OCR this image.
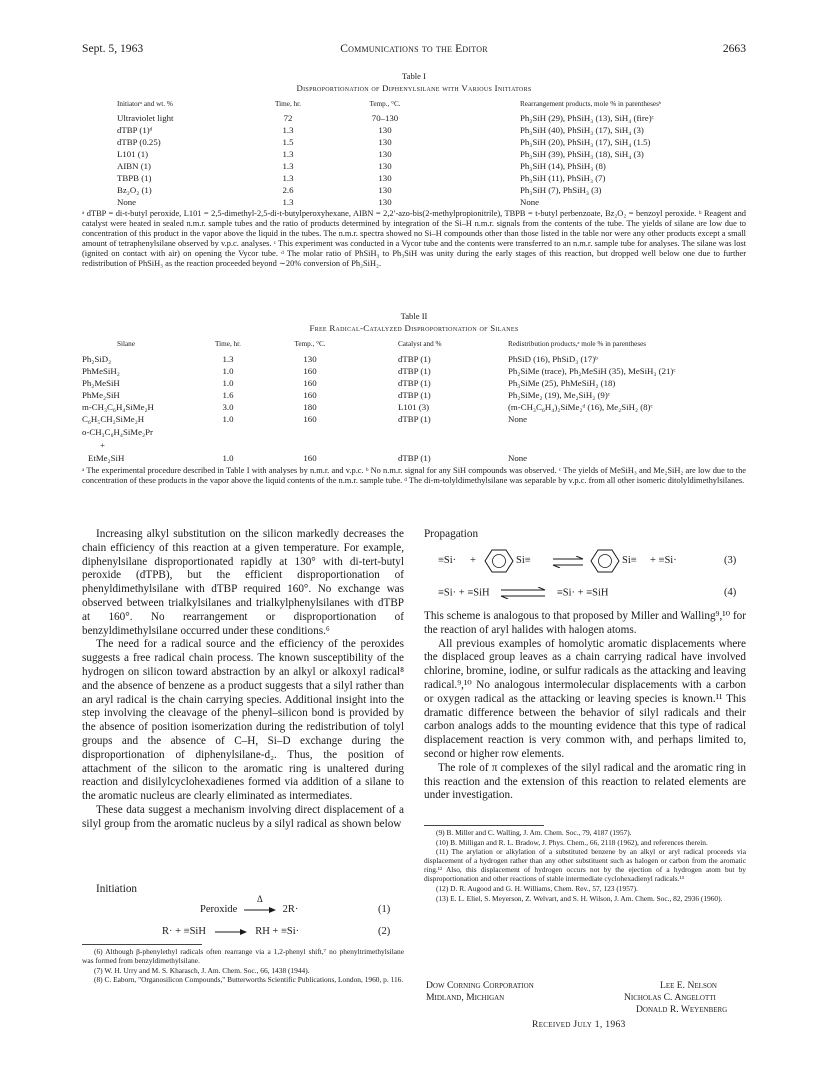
Sept. 5, 1963	Communications to the Editor	2663
Table I
Disproportionation of Diphenylsilane with Various Initiators
Initiatorᵃ and wt. %	Time, hr.	Temp., °C.	Rearrangement products, mole % in parenthesesᵇ
Ultraviolet light	72	70–130	Ph₂SiH (29), PhSiH₃ (13), SiH₄ (fire)ᶜ
dTBP (1)ᵈ	1.3	130	Ph₃SiH (40), PhSiH₃ (17), SiH₄ (3)
dTBP (0.25)	1.5	130	Ph₃SiH (20), PhSiH₃ (17), SiH₄ (1.5)
L101 (1)	1.3	130	Ph₃SiH (39), PhSiH₃ (18), SiH₄ (3)
AIBN (1)	1.3	130	Ph₃SiH (14), PhSiH₃ (8)
TBPB (1)	1.3	130	Ph₃SiH (11), PhSiH₃ (7)
Bz₂O₂ (1)	2.6	130	Ph₃SiH (7), PhSiH₃ (3)
None	1.3	130	None
ᵃ dTBP = di-t-butyl peroxide, L101 = 2,5-dimethyl-2,5-di-t-butylperoxyhexane, AIBN = 2,2′-azo-bis(2-methylpropionitrile), TBPB = t-butyl perbenzoate, Bz₂O₂ = benzoyl peroxide. ᵇ Reagent and catalyst were heated in sealed n.m.r. sample tubes and the ratio of products determined by integration of the Si–H n.m.r. signals from the contents of the tube. The yields of silane are low due to concentration of this product in the vapor above the liquid in the tubes. The n.m.r. spectra showed no Si–H compounds other than those listed in the table nor were any other products except a small amount of tetraphenylsilane observed by v.p.c. analyses. ᶜ This experiment was conducted in a Vycor tube and the contents were transferred to an n.m.r. sample tube for analyses. The silane was lost (ignited on contact with air) on opening the Vycor tube. ᵈ The molar ratio of PhSiH₃ to Ph₃SiH was unity during the early stages of this reaction, but dropped well below one due to further redistribution of PhSiH₃ as the reaction proceeded beyond ∼20% conversion of Ph₂SiH₂.
Table II
Free Radical-Catalyzed Disproportionation of Silanes
Silane	Time, hr.	Temp., °C.	Catalyst and %	Redistribution products,ᵃ mole % in parentheses
Ph₂SiD₂	1.3	130	dTBP (1)	PhSiD (16), PhSiD₃ (17)ᵇ
PhMeSiH₂	1.0	160	dTBP (1)	Ph₂SiMe (trace), Ph₂MeSiH (35), MeSiH₃ (21)ᶜ
Ph₂MeSiH	1.0	160	dTBP (1)	Ph₃SiMe (25), PhMeSiH₂ (18)
PhMe₂SiH	1.6	160	dTBP (1)	Ph₂SiMe₂ (19), Me₂SiH₂ (9)ᶜ
m-CH₃C₆H₄SiMe₂H	3.0	180	L101 (3)	(m-CH₃C₆H₄)₂SiMe₂ᵈ (16), Me₂SiH₂ (8)ᶜ
C₆H₅CH₂SiMe₂H	1.0	160	dTBP (1)	None
o-CH₃C₆H₄SiMe₂Pr
+
EtMe₂SiH	1.0	160	dTBP (1)	None
ᵃ The experimental procedure described in Table I with analyses by n.m.r. and v.p.c. ᵇ No n.m.r. signal for any SiH compounds was observed. ᶜ The yields of MeSiH₃ and Me₂SiH₂ are low due to the concentration of these products in the vapor above the liquid contents of the n.m.r. sample tube. ᵈ The di-m-tolyldimethylsilane was separable by v.p.c. from all other isomeric ditolyldimethylsilanes.

Increasing alkyl substitution on the silicon markedly decreases the chain efficiency of this reaction at a given temperature. For example, diphenylsilane disproportionated rapidly at 130° with di-tert-butyl peroxide (dTPB), but the efficient disproportionation of phenyldimethylsilane with dTBP required 160°. No exchange was observed between trialkylsilanes and trialkylphenylsilanes with dTBP at 160°. No rearrangement or disproportionation of benzyldimethylsilane occurred under these conditions.⁶

The need for a radical source and the efficiency of the peroxides suggests a free radical chain process. The known susceptibility of the hydrogen on silicon toward abstraction by an alkyl or alkoxyl radical⁸ and the absence of benzene as a product suggests that a silyl rather than an aryl radical is the chain carrying species. Additional insight into the step involving the cleavage of the phenyl–silicon bond is provided by the absence of position isomerization during the redistribution of tolyl groups and the absence of C–H, Si–D exchange during the disproportionation of diphenylsilane-d₂. Thus, the position of attachment of the silicon to the aromatic ring is unaltered during reaction and disilylcyclohexadienes formed via addition of a silane to the aromatic nucleus are clearly eliminated as intermediates.

These data suggest a mechanism involving direct displacement of a silyl group from the aromatic nucleus by a silyl radical as shown below

Initiation
Peroxide
Δ
2R·	(1)
R· + ≡SiH	RH + ≡Si·	(2)

(6) Although β-phenylethyl radicals often rearrange via a 1,2-phenyl shift,⁷ no phenyltrimethylsilane was formed from benzyldimethylsilane.

(7) W. H. Urry and M. S. Kharasch, J. Am. Chem. Soc., 66, 1438 (1944).

(8) C. Eaborn, "Organosilicon Compounds," Butterworths Scientific Publications, London, 1960, p. 116.

Propagation
≡Si· +	Si≡	Si≡ + ≡Si·	(3)
≡Si· + ≡SiH	≡Si· + ≡SiH	(4)

This scheme is analogous to that proposed by Miller and Walling⁹,¹⁰ for the reaction of aryl halides with halogen atoms.

All previous examples of homolytic aromatic displacements where the displaced group leaves as a chain carrying radical have involved chlorine, bromine, iodine, or sulfur radicals as the attacking and leaving radical.⁹,¹⁰ No analogous intermolecular displacements with a carbon or oxygen radical as the attacking or leaving species is known.¹¹ This dramatic difference between the behavior of silyl radicals and their carbon analogs adds to the mounting evidence that this type of radical displacement reaction is very common with, and perhaps limited to, second or higher row elements.

The role of π complexes of the silyl radical and the aromatic ring in this reaction and the extension of this reaction to related elements are under investigation.

(9) B. Miller and C. Walling, J. Am. Chem. Soc., 79, 4187 (1957).

(10) B. Milligan and R. L. Bradow, J. Phys. Chem., 66, 2118 (1962), and references therein.

(11) The arylation or alkylation of a substituted benzene by an alkyl or aryl radical proceeds via displacement of a hydrogen rather than any other substituent such as halogen or carbon from the aromatic ring.¹² Also, this displacement of hydrogen occurs not by the ejection of a hydrogen atom but by disproportionation and other reactions of stable intermediate cyclohexadienyl radicals.¹³

(12) D. R. Augood and G. H. Williams, Chem. Rev., 57, 123 (1957).

(13) E. L. Eliel, S. Meyerson, Z. Welvart, and S. H. Wilson, J. Am. Chem. Soc., 82, 2936 (1960).

Dow Corning Corporation
Midland, Michigan
Lee E. Nelson
Nicholas C. Angelotti
Donald R. Weyenberg
Received July 1, 1963
